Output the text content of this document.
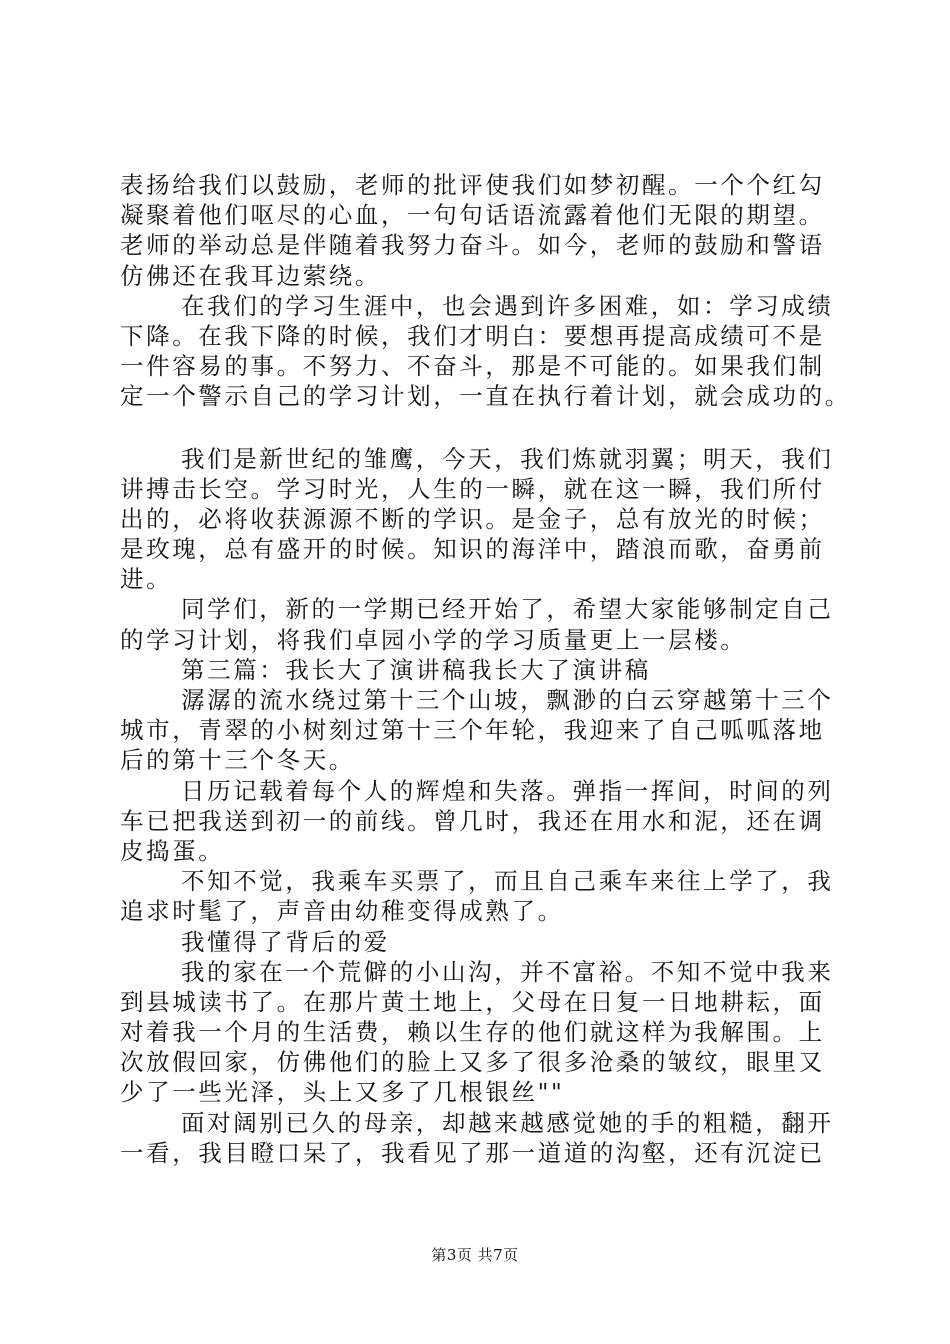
表扬给我们以鼓励，老师的批评使我们如梦初醒。一个个红勾
凝聚着他们呕尽的心血，一句句话语流露着他们无限的期望。
老师的举动总是伴随着我努力奋斗。如今，老师的鼓励和警语
仿佛还在我耳边萦绕。
在我们的学习生涯中，也会遇到许多困难，如：学习成绩
下降。在我下降的时候，我们才明白：要想再提高成绩可不是
一件容易的事。不努力、不奋斗，那是不可能的。如果我们制
定一个警示自己的学习计划，一直在执行着计划，就会成功的。
我们是新世纪的雏鹰，今天，我们炼就羽翼；明天，我们
讲搏击长空。学习时光，人生的一瞬，就在这一瞬，我们所付
出的，必将收获源源不断的学识。是金子，总有放光的时候；
是玫瑰，总有盛开的时候。知识的海洋中，踏浪而歌，奋勇前
进。
同学们，新的一学期已经开始了，希望大家能够制定自己
的学习计划，将我们卓园小学的学习质量更上一层楼。
第三篇：我长大了演讲稿我长大了演讲稿
潺潺的流水绕过第十三个山坡，飘渺的白云穿越第十三个
城市，青翠的小树刻过第十三个年轮，我迎来了自己呱呱落地
后的第十三个冬天。
日历记载着每个人的辉煌和失落。弹指一挥间，时间的列
车已把我送到初一的前线。曾几时，我还在用水和泥，还在调
皮捣蛋。
不知不觉，我乘车买票了，而且自己乘车来往上学了，我
追求时髦了，声音由幼稚变得成熟了。
我懂得了背后的爱
我的家在一个荒僻的小山沟，并不富裕。不知不觉中我来
到县城读书了。在那片黄土地上，父母在日复一日地耕耘，面
对着我一个月的生活费，赖以生存的他们就这样为我解围。上
次放假回家，仿佛他们的脸上又多了很多沧桑的皱纹，眼里又
少了一些光泽，头上又多了几根银丝""
面对阔别已久的母亲，却越来越感觉她的手的粗糙，翻开
一看，我目瞪口呆了，我看见了那一道道的沟壑，还有沉淀已
第3页 共7页
